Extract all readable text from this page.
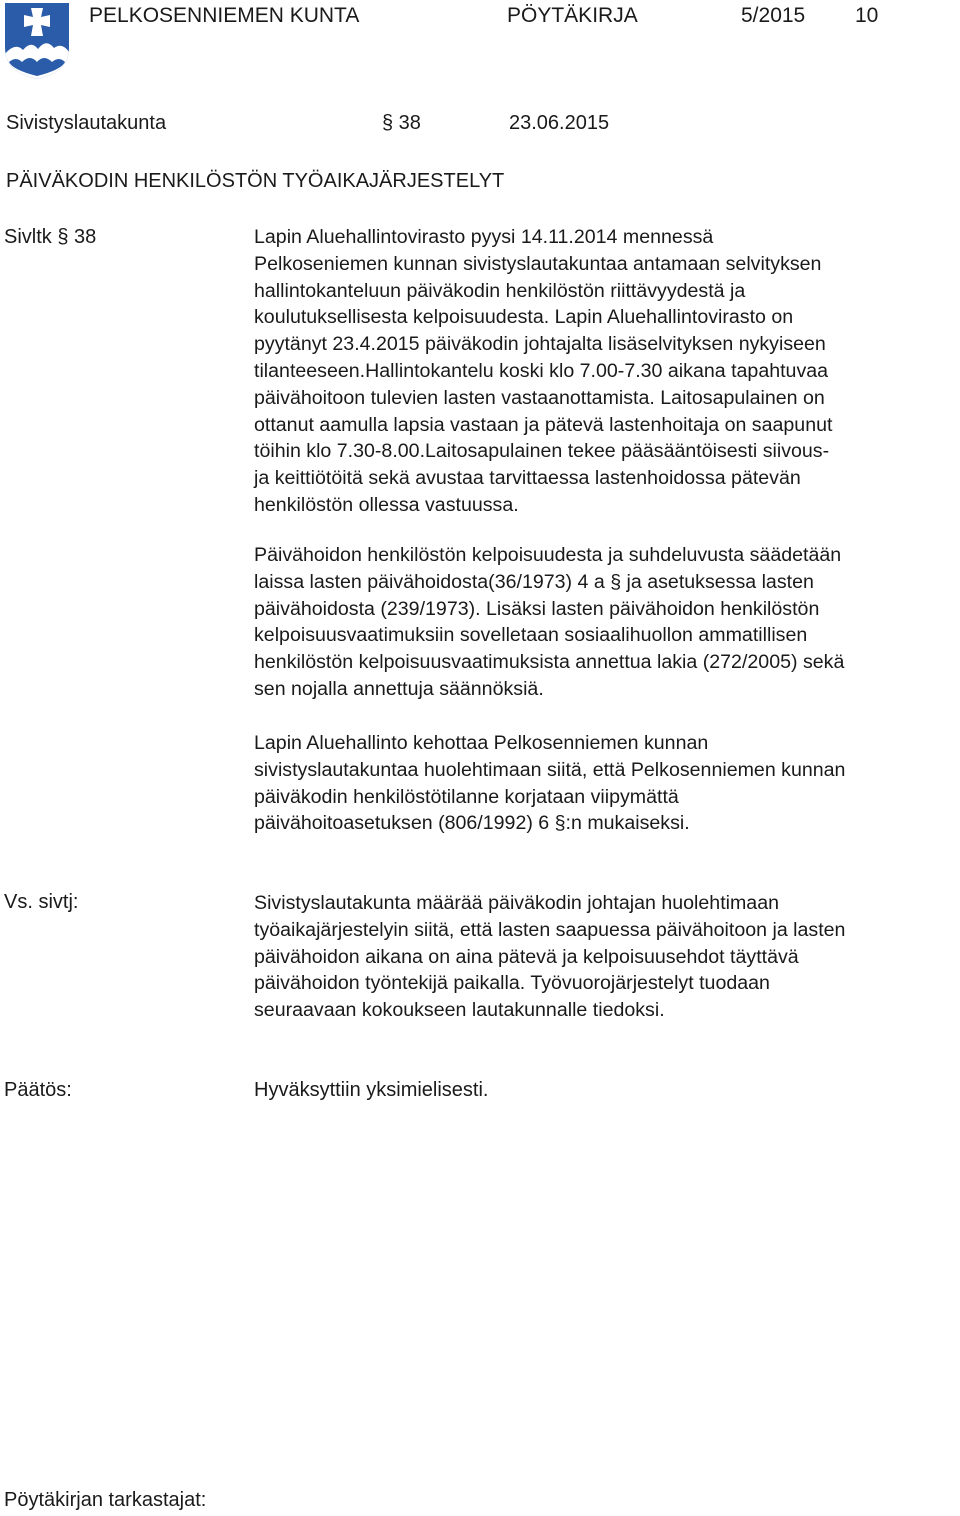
PELKOSENNIEMEN KUNTA	PÖYTÄKIRJA	5/2015 10
Sivistyslautakunta	§ 38	23.06.2015
PÄIVÄKODIN HENKILÖSTÖN TYÖAIKAJÄRJESTELYT
Sivltk § 38	Lapin Aluehallintovirasto pyysi 14.11.2014 mennessä
Pelkoseniemen kunnan sivistyslautakuntaa antamaan selvityksen
hallintokanteluun päiväkodin henkilöstön riittävyydestä ja
koulutuksellisesta kelpoisuudesta. Lapin Aluehallintovirasto on
pyytänyt 23.4.2015 päiväkodin johtajalta lisäselvityksen nykyiseen
tilanteeseen.Hallintokantelu koski klo 7.00-7.30 aikana tapahtuvaa
päivähoitoon tulevien lasten vastaanottamista. Laitosapulainen on
ottanut aamulla lapsia vastaan ja pätevä lastenhoitaja on saapunut
töihin klo 7.30-8.00.Laitosapulainen tekee pääsääntöisesti siivous-
ja keittiötöitä sekä avustaa tarvittaessa lastenhoidossa pätevän
henkilöstön ollessa vastuussa.
Päivähoidon henkilöstön kelpoisuudesta ja suhdeluvusta säädetään
laissa lasten päivähoidosta(36/1973) 4 a § ja asetuksessa lasten
päivähoidosta (239/1973). Lisäksi lasten päivähoidon henkilöstön
kelpoisuusvaatimuksiin sovelletaan sosiaalihuollon ammatillisen
henkilöstön kelpoisuusvaatimuksista annettua lakia (272/2005) sekä
sen nojalla annettuja säännöksiä.
Lapin Aluehallinto kehottaa Pelkosenniemen kunnan
sivistyslautakuntaa huolehtimaan siitä, että Pelkosenniemen kunnan
päiväkodin henkilöstötilanne korjataan viipymättä
päivähoitoasetuksen (806/1992) 6 §:n mukaiseksi.
Vs. sivtj:	Sivistyslautakunta määrää päiväkodin johtajan huolehtimaan
työaikajärjestelyin siitä, että lasten saapuessa päivähoitoon ja lasten
päivähoidon aikana on aina pätevä ja kelpoisuusehdot täyttävä
päivähoidon työntekijä paikalla. Työvuorojärjestelyt tuodaan
seuraavaan kokoukseen lautakunnalle tiedoksi.
Päätös:	Hyväksyttiin yksimielisesti.
Pöytäkirjan tarkastajat:
